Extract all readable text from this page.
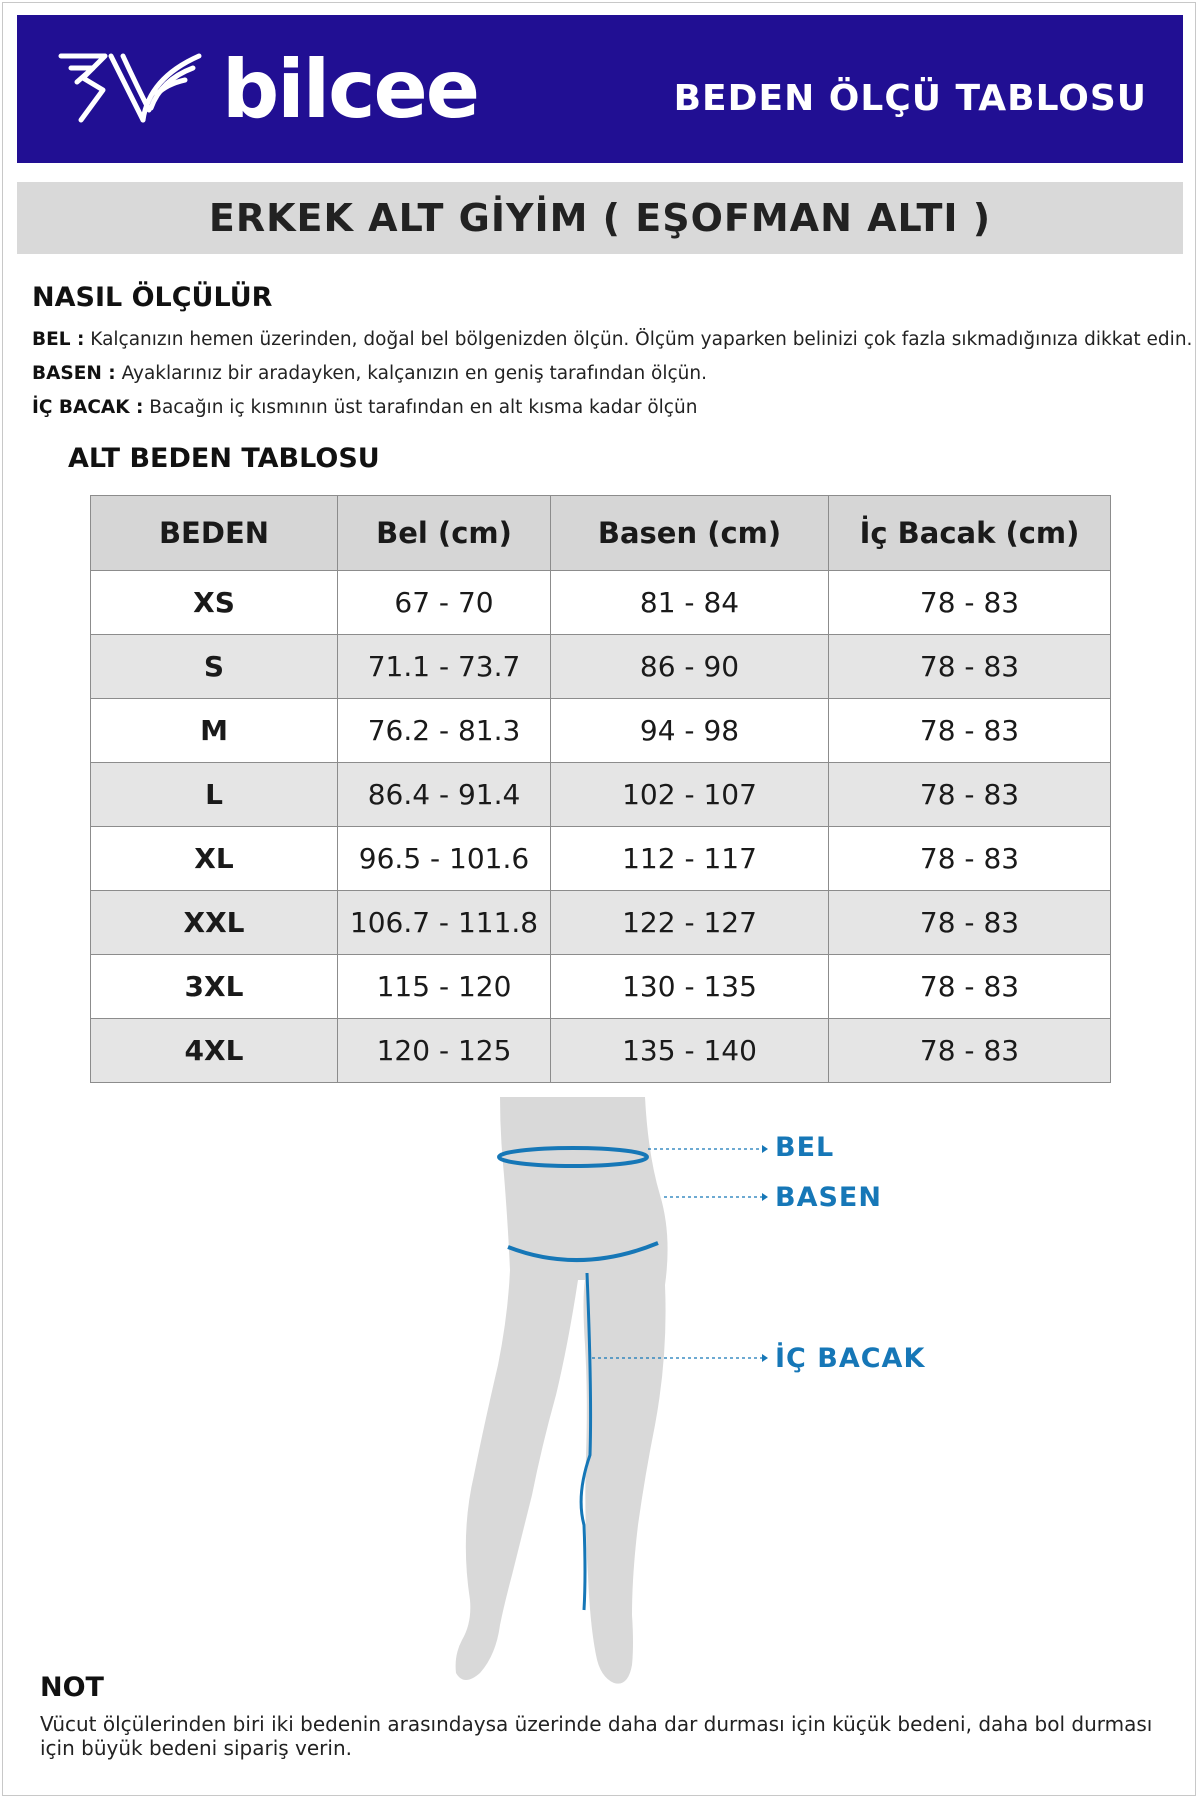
bilcee	BEDEN ÖLÇÜ TABLOSU
ERKEK ALT GİYİM ( EŞOFMAN ALTI )
NASIL ÖLÇÜLÜR
BEL : Kalçanızın hemen üzerinden, doğal bel bölgenizden ölçün. Ölçüm yaparken belinizi çok fazla sıkmadığınıza dikkat edin.
BASEN : Ayaklarınız bir aradayken, kalçanızın en geniş tarafından ölçün.
İÇ BACAK : Bacağın iç kısmının üst tarafından en alt kısma kadar ölçün
ALT BEDEN TABLOSU
BEDEN	Bel (cm)	Basen (cm)	İç Bacak (cm)
XS	67 - 70	81 - 84	78 - 83
S	71.1 - 73.7	86 - 90	78 - 83
M	76.2 - 81.3	94 - 98	78 - 83
L	86.4 - 91.4	102 - 107	78 - 83
XL	96.5 - 101.6	112 - 117	78 - 83
XXL	106.7 - 111.8	122 - 127	78 - 83
3XL	115 - 120	130 - 135	78 - 83
4XL	120 - 125	135 - 140	78 - 83
BEL
BASEN
İÇ BACAK
NOT
Vücut ölçülerinden biri iki bedenin arasındaysa üzerinde daha dar durması için küçük bedeni, daha bol durması için büyük bedeni sipariş verin.
